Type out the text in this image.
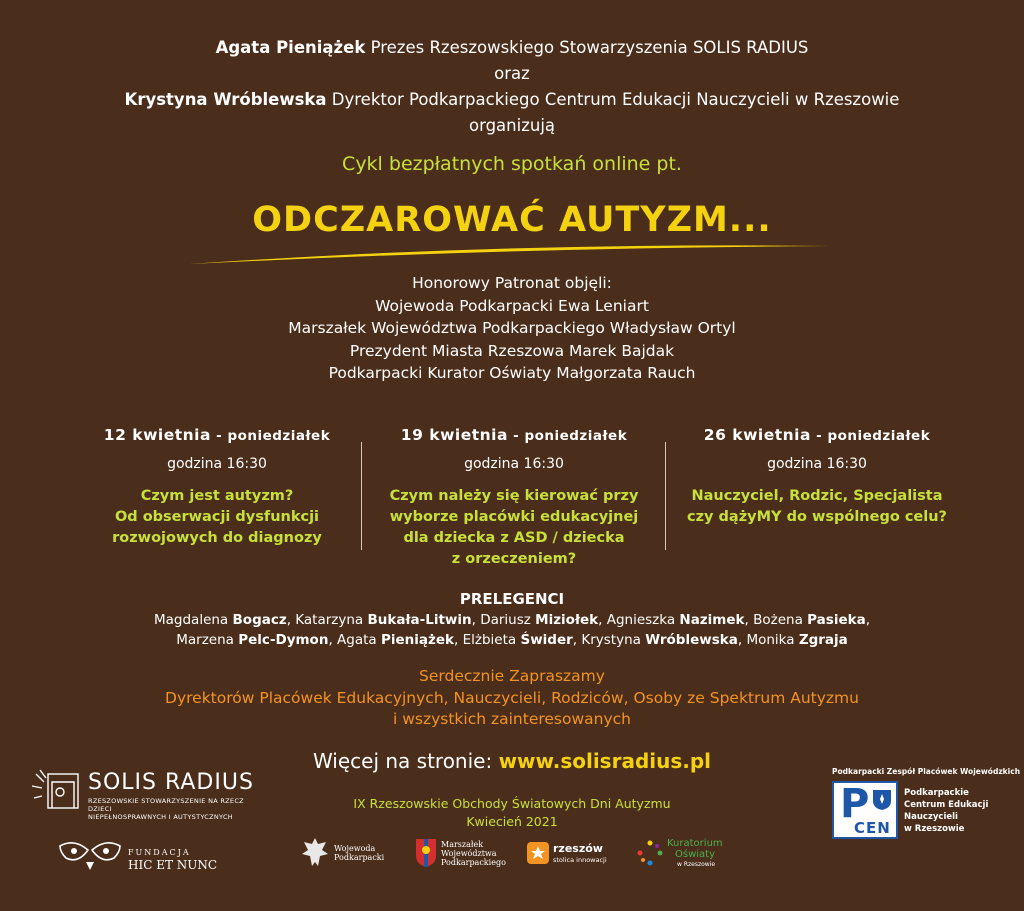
Agata Pieniążek Prezes Rzeszowskiego Stowarzyszenia SOLIS RADIUS
oraz
Krystyna Wróblewska Dyrektor Podkarpackiego Centrum Edukacji Nauczycieli w Rzeszowie
organizują
Cykl bezpłatnych spotkań online pt.
ODCZAROWAĆ AUTYZM...
Honorowy Patronat objęli:
Wojewoda Podkarpacki Ewa Leniart
Marszałek Województwa Podkarpackiego Władysław Ortyl
Prezydent Miasta Rzeszowa Marek Bajdak
Podkarpacki Kurator Oświaty Małgorzata Rauch
12 kwietnia - poniedziałek
godzina 16:30
Czym jest autyzm?
Od obserwacji dysfunkcji
rozwojowych do diagnozy
19 kwietnia - poniedziałek
godzina 16:30
Czym należy się kierować przy
wyborze placówki edukacyjnej
dla dziecka z ASD / dziecka
z orzeczeniem?
26 kwietnia - poniedziałek
godzina 16:30
Nauczyciel, Rodzic, Specjalista
czy dążyMY do wspólnego celu?
PRELEGENCI
Magdalena Bogacz, Katarzyna Bukała-Litwin, Dariusz Miziołek, Agnieszka Nazimek, Bożena Pasieka,
Marzena Pelc-Dymon, Agata Pieniążek, Elżbieta Świder, Krystyna Wróblewska, Monika Zgraja
Serdecznie Zapraszamy
Dyrektorów Placówek Edukacyjnych, Nauczycieli, Rodziców, Osoby ze Spektrum Autyzmu
i wszystkich zainteresowanych
Więcej na stronie: www.solisradius.pl
IX Rzeszowskie Obchody Światowych Dni Autyzmu
Kwiecień 2021
SOLIS RADIUS
RZESZOWSKIE STOWARZYSZENIE NA RZECZ DZIECI
NIEPEŁNOSPRAWNYCH I AUTYSTYCZNYCH
FUNDACJA
HIC ET NUNC
Wojewoda
Podkarpacki
Marszałek
Województwa
Podkarpackiego
rzeszów
stolica innowacji
Kuratorium
Oświaty
w Rzeszowie
Podkarpacki Zespół Placówek Wojewódzkich
P
CEN
Podkarpackie
Centrum Edukacji
Nauczycieli
w Rzeszowie
